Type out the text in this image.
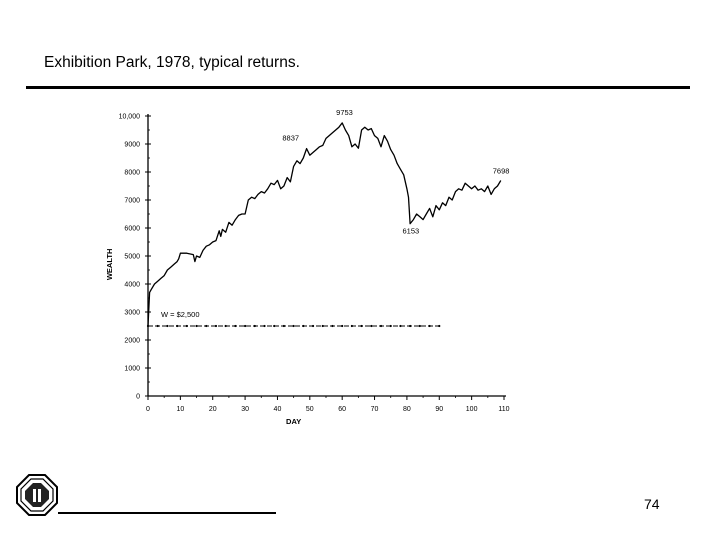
Exhibition Park, 1978, typical returns.
0
1000
2000
3000
4000
5000
6000
7000
8000
9000
10,000
0	10	20	30	40	50	60	70	80	90	100	110
9753
8837
7698
6153
W = $2,500
DAY
WEALTH
74
